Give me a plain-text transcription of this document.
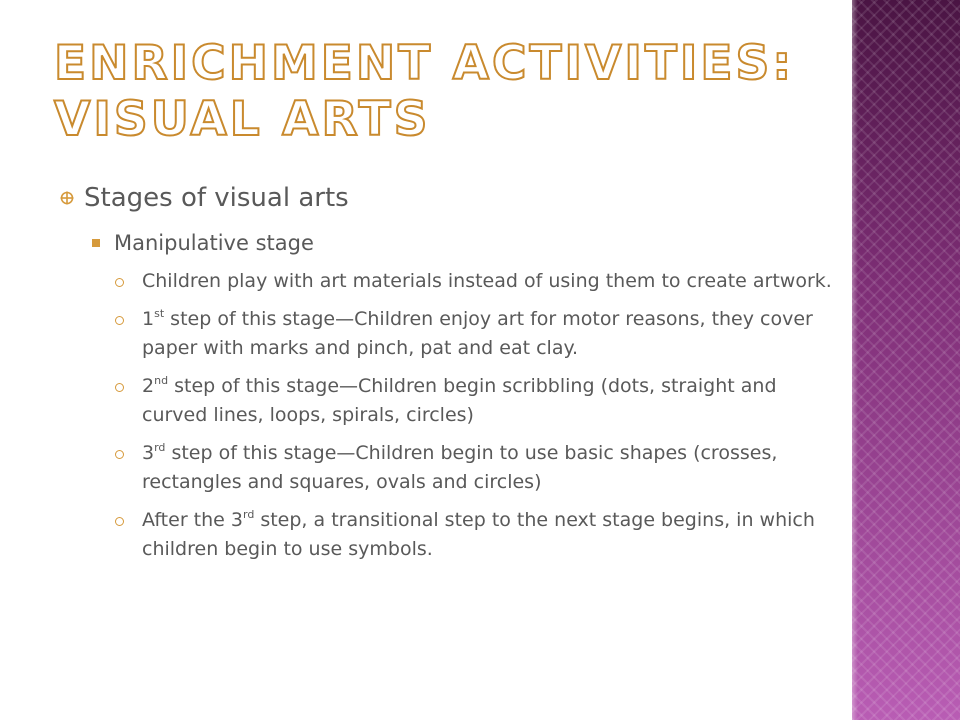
ENRICHMENT ACTIVITIES:
VISUAL ARTS
Stages of visual arts
Manipulative stage
Children play with art materials instead of using them to create artwork.
1st step of this stage—Children enjoy art for motor reasons, they cover paper with marks and pinch, pat and eat clay.
2nd step of this stage—Children begin scribbling (dots, straight and curved lines, loops, spirals, circles)
3rd step of this stage—Children begin to use basic shapes (crosses, rectangles and squares, ovals and circles)
After the 3rd step, a transitional step to the next stage begins, in which children begin to use symbols.
